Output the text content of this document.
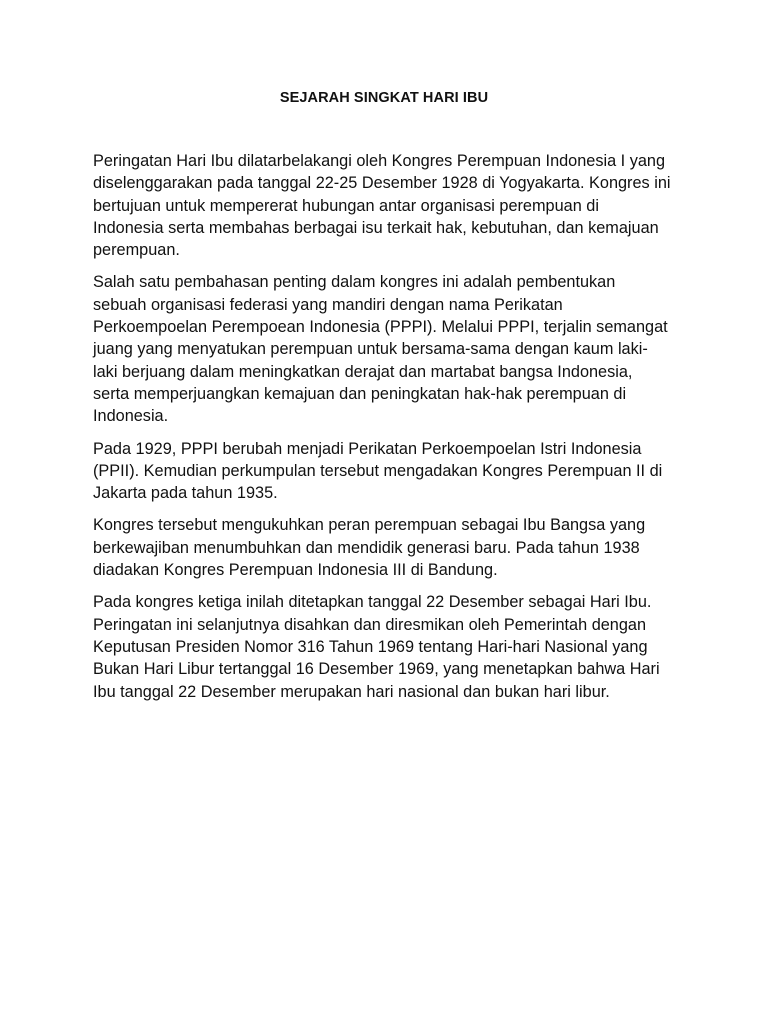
SEJARAH SINGKAT HARI IBU

Peringatan Hari Ibu dilatarbelakangi oleh Kongres Perempuan Indonesia I yang
diselenggarakan pada tanggal 22-25 Desember 1928 di Yogyakarta. Kongres ini
bertujuan untuk mempererat hubungan antar organisasi perempuan di
Indonesia serta membahas berbagai isu terkait hak, kebutuhan, dan kemajuan
perempuan.

Salah satu pembahasan penting dalam kongres ini adalah pembentukan
sebuah organisasi federasi yang mandiri dengan nama Perikatan
Perkoempoelan Perempoean Indonesia (PPPI). Melalui PPPI, terjalin semangat
juang yang menyatukan perempuan untuk bersama-sama dengan kaum laki-
laki berjuang dalam meningkatkan derajat dan martabat bangsa Indonesia,
serta memperjuangkan kemajuan dan peningkatan hak-hak perempuan di
Indonesia.

Pada 1929, PPPI berubah menjadi Perikatan Perkoempoelan Istri Indonesia
(PPII). Kemudian perkumpulan tersebut mengadakan Kongres Perempuan II di
Jakarta pada tahun 1935.

Kongres tersebut mengukuhkan peran perempuan sebagai Ibu Bangsa yang
berkewajiban menumbuhkan dan mendidik generasi baru. Pada tahun 1938
diadakan Kongres Perempuan Indonesia III di Bandung.

Pada kongres ketiga inilah ditetapkan tanggal 22 Desember sebagai Hari Ibu.
Peringatan ini selanjutnya disahkan dan diresmikan oleh Pemerintah dengan
Keputusan Presiden Nomor 316 Tahun 1969 tentang Hari-hari Nasional yang
Bukan Hari Libur tertanggal 16 Desember 1969, yang menetapkan bahwa Hari
Ibu tanggal 22 Desember merupakan hari nasional dan bukan hari libur.
